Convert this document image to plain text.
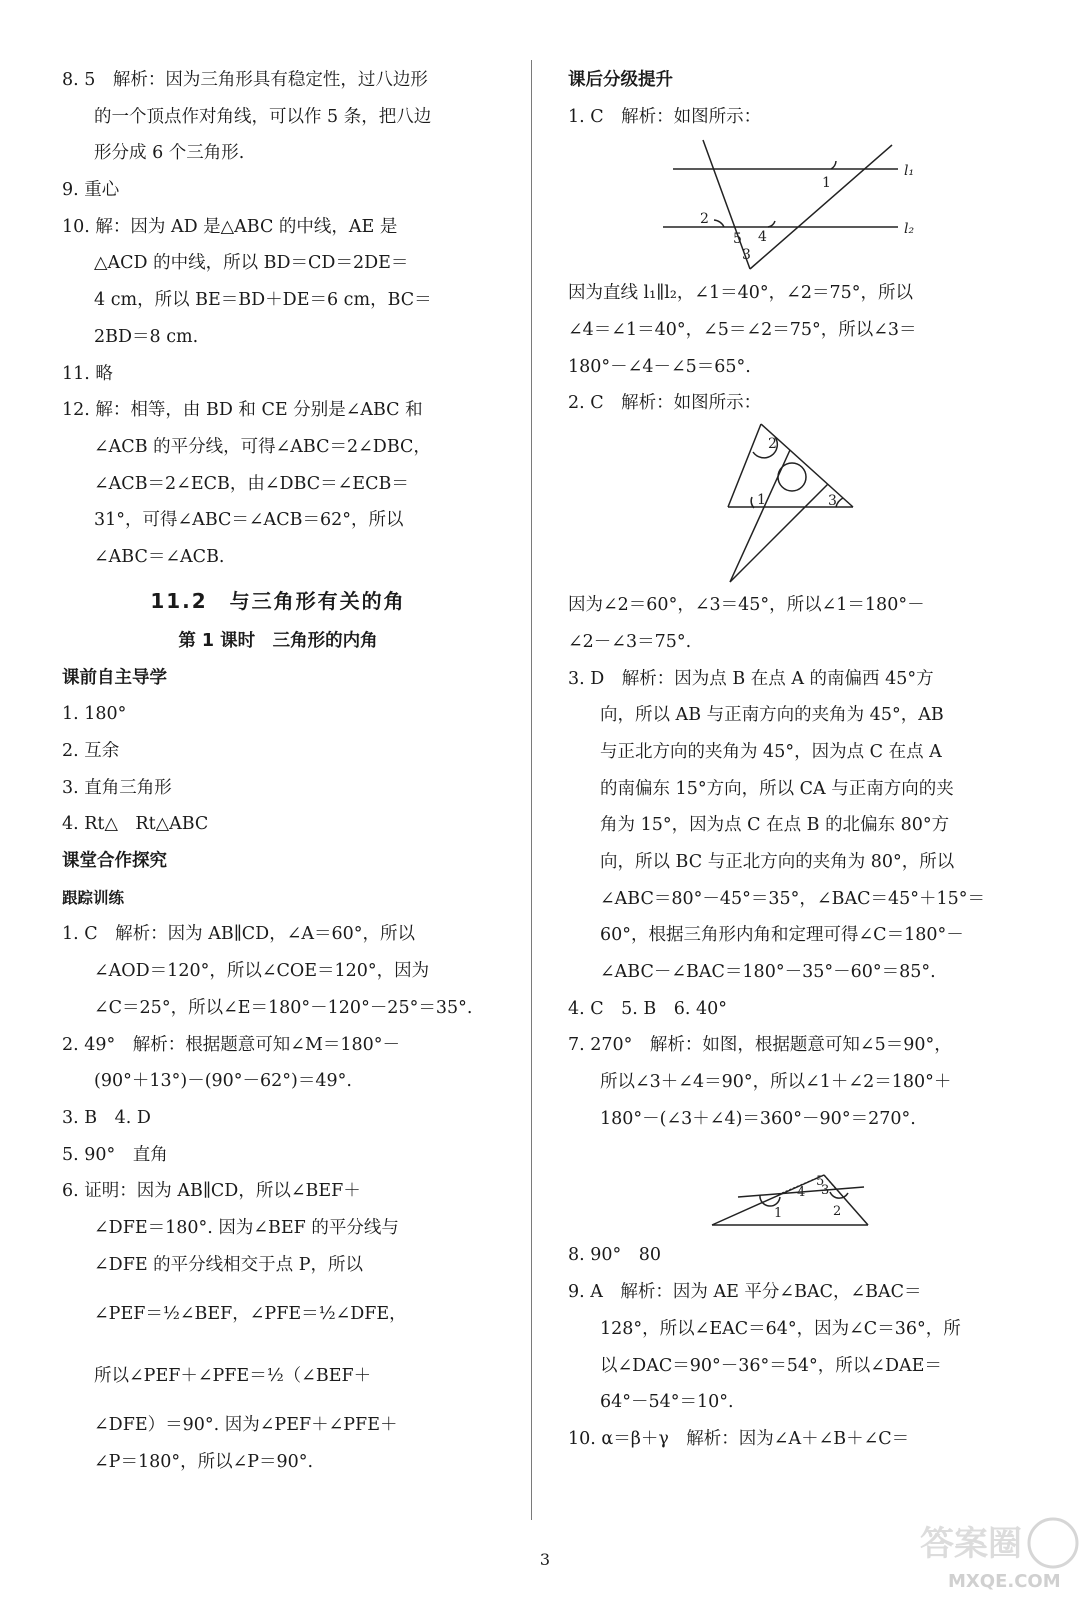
8. 5　解析：因为三角形具有稳定性，过八边形
的一个顶点作对角线，可以作 5 条，把八边
形分成 6 个三角形.
9. 重心
10. 解：因为 AD 是△ABC 的中线，AE 是
△ACD 的中线，所以 BD＝CD＝2DE＝
4 cm，所以 BE＝BD＋DE＝6 cm，BC＝
2BD＝8 cm.
11. 略
12. 解：相等，由 BD 和 CE 分别是∠ABC 和
∠ACB 的平分线，可得∠ABC＝2∠DBC，
∠ACB＝2∠ECB，由∠DBC＝∠ECB＝
31°，可得∠ABC＝∠ACB＝62°，所以
∠ABC＝∠ACB.
11.2　与三角形有关的角
第 1 课时　三角形的内角
课前自主导学
1. 180°
2. 互余
3. 直角三角形
4. Rt△　Rt△ABC
课堂合作探究
跟踪训练
1. C　解析：因为 AB∥CD，∠A＝60°，所以
∠AOD＝120°，所以∠COE＝120°，因为
∠C＝25°，所以∠E＝180°－120°－25°＝35°.
2. 49°　解析：根据题意可知∠M＝180°－
(90°＋13°)－(90°－62°)＝49°.
3. B　4. D
5. 90°　直角
6. 证明：因为 AB∥CD，所以∠BEF＋
∠DFE＝180°. 因为∠BEF 的平分线与
∠DFE 的平分线相交于点 P，所以
∠PEF＝½∠BEF，∠PFE＝½∠DFE，
所以∠PEF＋∠PFE＝½（∠BEF＋
∠DFE）＝90°. 因为∠PEF＋∠PFE＋
∠P＝180°，所以∠P＝90°.
课后分级提升
1. C　解析：如图所示：
l₁
l₂
1
2
3
4
5
因为直线 l₁∥l₂，∠1＝40°，∠2＝75°，所以
∠4＝∠1＝40°，∠5＝∠2＝75°，所以∠3＝
180°－∠4－∠5＝65°.
2. C　解析：如图所示：
1
2
3
因为∠2＝60°，∠3＝45°，所以∠1＝180°－
∠2－∠3＝75°.
3. D　解析：因为点 B 在点 A 的南偏西 45°方
向，所以 AB 与正南方向的夹角为 45°，AB
与正北方向的夹角为 45°，因为点 C 在点 A
的南偏东 15°方向，所以 CA 与正南方向的夹
角为 15°，因为点 C 在点 B 的北偏东 80°方
向，所以 BC 与正北方向的夹角为 80°，所以
∠ABC＝80°－45°＝35°，∠BAC＝45°＋15°＝
60°，根据三角形内角和定理可得∠C＝180°－
∠ABC－∠BAC＝180°－35°－60°＝85°.
4. C　5. B　6. 40°
7. 270°　解析：如图，根据题意可知∠5＝90°，
所以∠3＋∠4＝90°，所以∠1＋∠2＝180°＋
180°－(∠3＋∠4)＝360°－90°＝270°.
1	2
3
4
5
8. 90°　80
9. A　解析：因为 AE 平分∠BAC，∠BAC＝
128°，所以∠EAC＝64°，因为∠C＝36°，所
以∠DAC＝90°－36°＝54°，所以∠DAE＝
64°－54°＝10°.
10. α＝β＋γ　解析：因为∠A＋∠B＋∠C＝
3	答案圈
MXQE.COM
